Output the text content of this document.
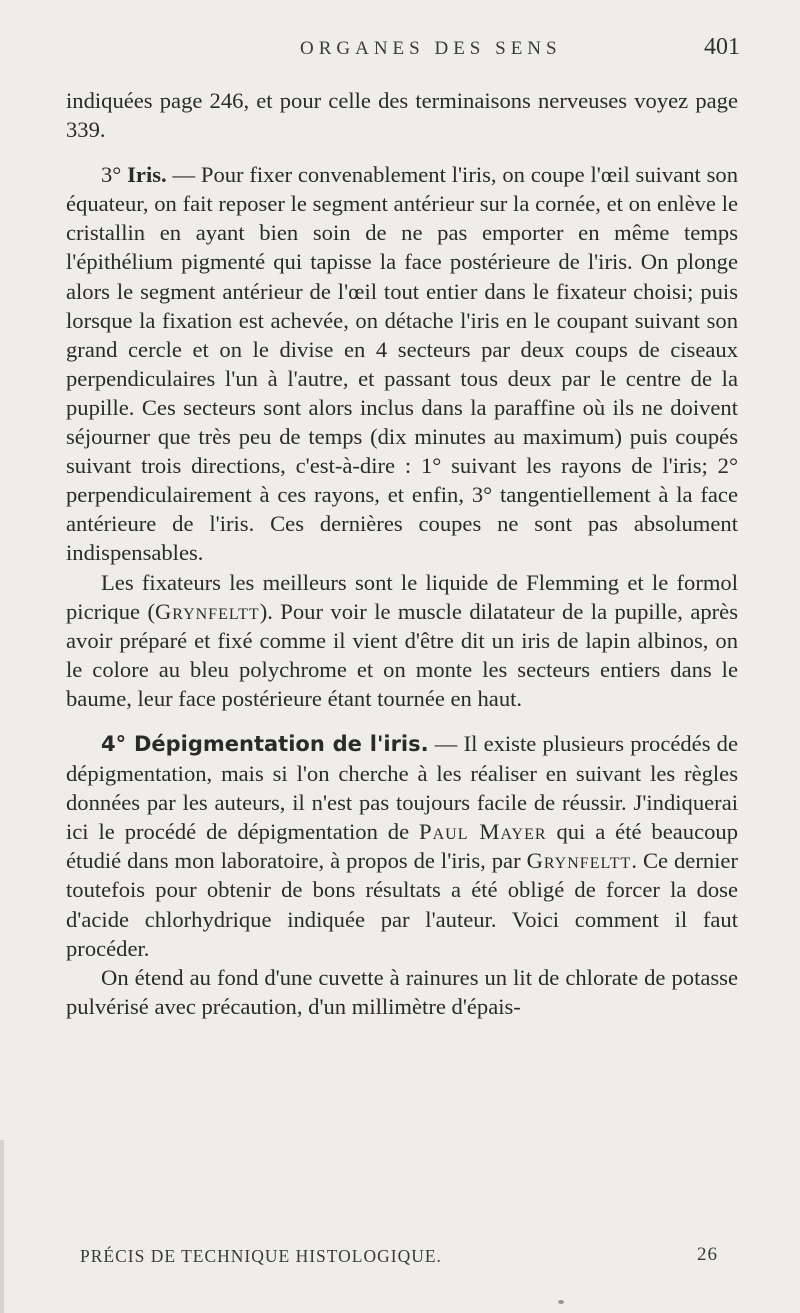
ORGANES DES SENS	401

indiquées page 246, et pour celle des terminaisons nerveuses voyez page 339.

3° Iris. — Pour fixer convenablement l'iris, on coupe l'œil suivant son équateur, on fait reposer le segment antérieur sur la cornée, et on enlève le cristallin en ayant bien soin de ne pas emporter en même temps l'épithélium pigmenté qui tapisse la face postérieure de l'iris. On plonge alors le segment antérieur de l'œil tout entier dans le fixateur choisi; puis lorsque la fixation est achevée, on détache l'iris en le coupant suivant son grand cercle et on le divise en 4 secteurs par deux coups de ciseaux perpendiculaires l'un à l'autre, et passant tous deux par le centre de la pupille. Ces secteurs sont alors inclus dans la paraffine où ils ne doivent séjourner que très peu de temps (dix minutes au maximum) puis coupés suivant trois directions, c'est-à-dire : 1° suivant les rayons de l'iris; 2° perpendiculairement à ces rayons, et enfin, 3° tangentiellement à la face antérieure de l'iris. Ces dernières coupes ne sont pas absolument indispensables.

Les fixateurs les meilleurs sont le liquide de Flemming et le formol picrique (Grynfeltt). Pour voir le muscle dilatateur de la pupille, après avoir préparé et fixé comme il vient d'être dit un iris de lapin albinos, on le colore au bleu polychrome et on monte les secteurs entiers dans le baume, leur face postérieure étant tournée en haut.

4° Dépigmentation de l'iris. — Il existe plusieurs procédés de dépigmentation, mais si l'on cherche à les réaliser en suivant les règles données par les auteurs, il n'est pas toujours facile de réussir. J'indiquerai ici le procédé de dépigmentation de Paul Mayer qui a été beaucoup étudié dans mon laboratoire, à propos de l'iris, par Grynfeltt. Ce dernier toutefois pour obtenir de bons résultats a été obligé de forcer la dose d'acide chlorhydrique indiquée par l'auteur. Voici comment il faut procéder.

On étend au fond d'une cuvette à rainures un lit de chlorate de potasse pulvérisé avec précaution, d'un millimètre d'épais-

PRÉCIS DE TECHNIQUE HISTOLOGIQUE.	26
